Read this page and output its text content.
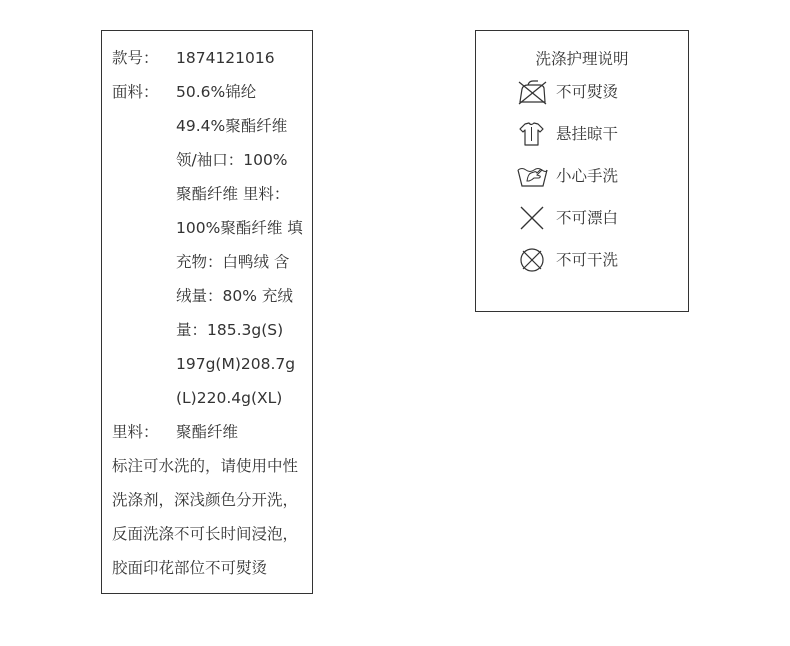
款号： 1874121016
面料： 50.6%锦纶
49.4%聚酯纤维
领/袖口：100%
聚酯纤维 里料：
100%聚酯纤维 填
充物：白鸭绒 含
绒量：80% 充绒
量：185.3g(S)
197g(M)208.7g
(L)220.4g(XL)
里料： 聚酯纤维
标注可水洗的，请使用中性
洗涤剂，深浅颜色分开洗，
反面洗涤不可长时间浸泡，
胶面印花部位不可熨烫
洗涤护理说明
不可熨烫
悬挂晾干
小心手洗
不可漂白
不可干洗
